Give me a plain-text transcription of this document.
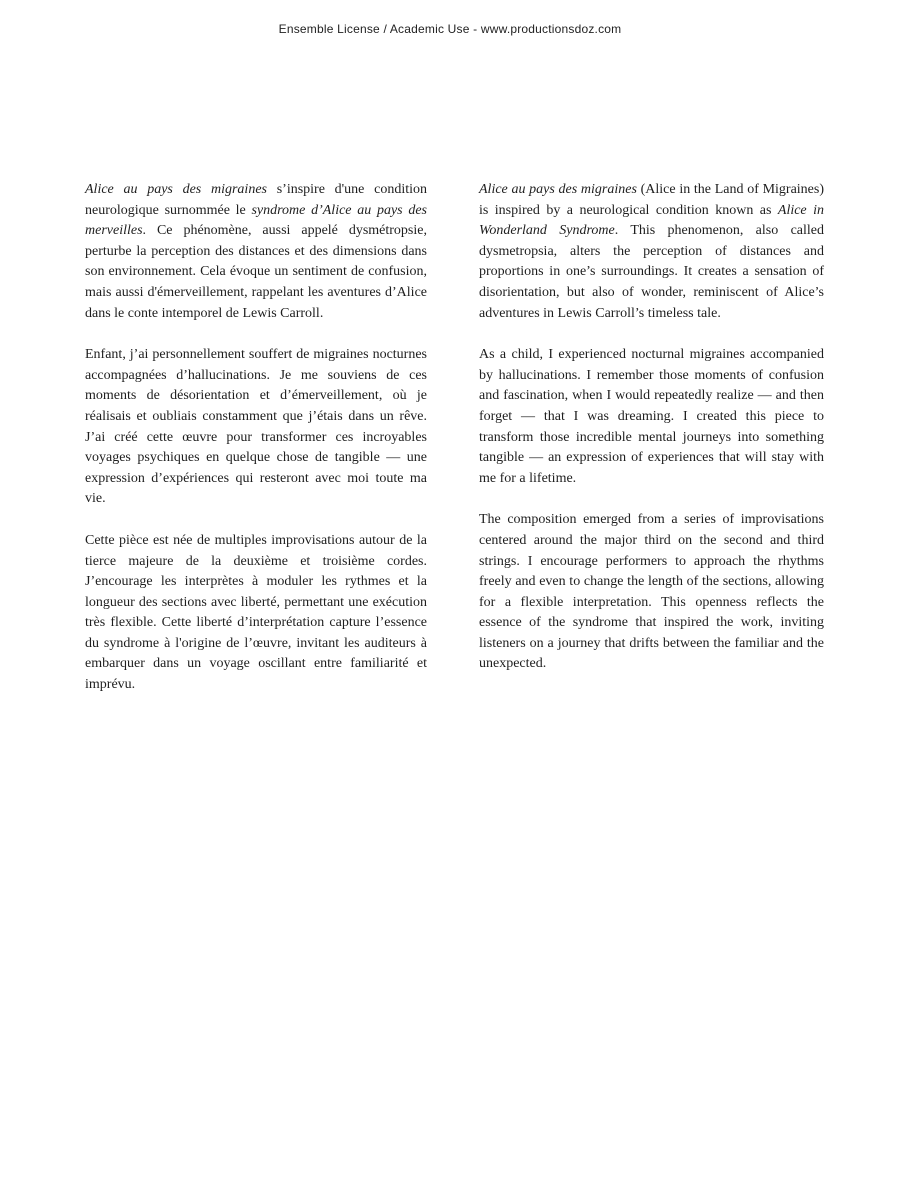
Ensemble License / Academic Use - www.productionsdoz.com

Alice au pays des migraines s’inspire d'une condition neurologique surnommée le syndrome d’Alice au pays des merveilles. Ce phénomène, aussi appelé dysmétropsie, perturbe la perception des distances et des dimensions dans son environnement. Cela évoque un sentiment de confusion, mais aussi d'émerveillement, rappelant les aventures d’Alice dans le conte intemporel de Lewis Carroll.

Enfant, j’ai personnellement souffert de migraines nocturnes accompagnées d’hallucinations. Je me souviens de ces moments de désorientation et d’émerveillement, où je réalisais et oubliais constamment que j’étais dans un rêve. J’ai créé cette œuvre pour transformer ces incroyables voyages psychiques en quelque chose de tangible — une expression d’expériences qui resteront avec moi toute ma vie.

Cette pièce est née de multiples improvisations autour de la tierce majeure de la deuxième et troisième cordes. J’encourage les interprètes à moduler les rythmes et la longueur des sections avec liberté, permettant une exécution très flexible. Cette liberté d’interprétation capture l’essence du syndrome à l'origine de l’œuvre, invitant les auditeurs à embarquer dans un voyage oscillant entre familiarité et imprévu.

Alice au pays des migraines (Alice in the Land of Migraines) is inspired by a neurological condition known as Alice in Wonderland Syndrome. This phenomenon, also called dysmetropsia, alters the perception of distances and proportions in one’s surroundings. It creates a sensation of disorientation, but also of wonder, reminiscent of Alice’s adventures in Lewis Carroll’s timeless tale.

As a child, I experienced nocturnal migraines accompanied by hallucinations. I remember those moments of confusion and fascination, when I would repeatedly realize — and then forget — that I was dreaming. I created this piece to transform those incredible mental journeys into something tangible — an expression of experiences that will stay with me for a lifetime.

The composition emerged from a series of improvisations centered around the major third on the second and third strings. I encourage performers to approach the rhythms freely and even to change the length of the sections, allowing for a flexible interpretation. This openness reflects the essence of the syndrome that inspired the work, inviting listeners on a journey that drifts between the familiar and the unexpected.
